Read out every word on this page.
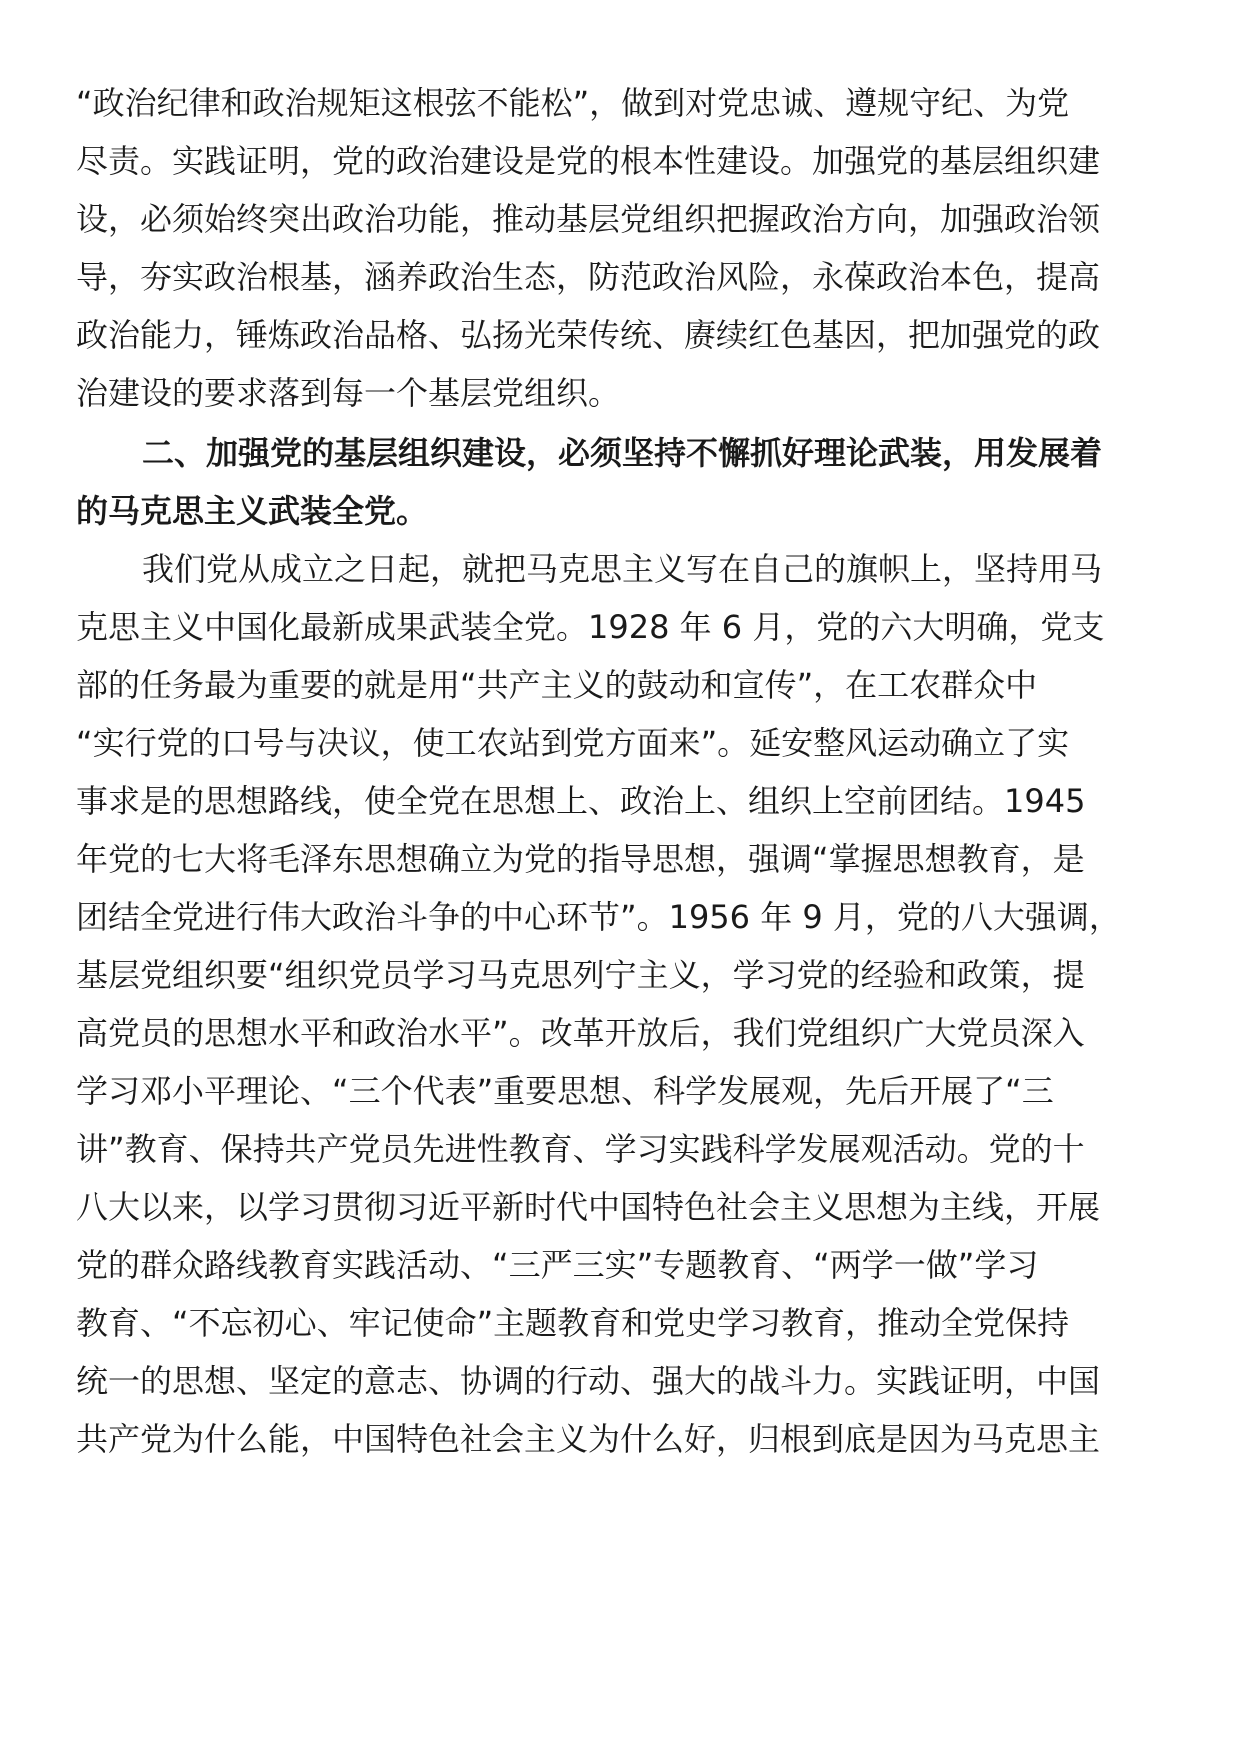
“政治纪律和政治规矩这根弦不能松”，做到对党忠诚、遵规守纪、为党
尽责。实践证明，党的政治建设是党的根本性建设。加强党的基层组织建
设，必须始终突出政治功能，推动基层党组织把握政治方向，加强政治领
导，夯实政治根基，涵养政治生态，防范政治风险，永葆政治本色，提高
政治能力，锤炼政治品格、弘扬光荣传统、赓续红色基因，把加强党的政
治建设的要求落到每一个基层党组织。
二、加强党的基层组织建设，必须坚持不懈抓好理论武装，用发展着
的马克思主义武装全党。
我们党从成立之日起，就把马克思主义写在自己的旗帜上，坚持用马
克思主义中国化最新成果武装全党。1928 年 6 月，党的六大明确，党支
部的任务最为重要的就是用“共产主义的鼓动和宣传”，在工农群众中
“实行党的口号与决议，使工农站到党方面来”。延安整风运动确立了实
事求是的思想路线，使全党在思想上、政治上、组织上空前团结。1945
年党的七大将毛泽东思想确立为党的指导思想，强调“掌握思想教育，是
团结全党进行伟大政治斗争的中心环节”。1956 年 9 月，党的八大强调，
基层党组织要“组织党员学习马克思列宁主义，学习党的经验和政策，提
高党员的思想水平和政治水平”。改革开放后，我们党组织广大党员深入
学习邓小平理论、“三个代表”重要思想、科学发展观，先后开展了“三
讲”教育、保持共产党员先进性教育、学习实践科学发展观活动。党的十
八大以来，以学习贯彻习近平新时代中国特色社会主义思想为主线，开展
党的群众路线教育实践活动、“三严三实”专题教育、“两学一做”学习
教育、“不忘初心、牢记使命”主题教育和党史学习教育，推动全党保持
统一的思想、坚定的意志、协调的行动、强大的战斗力。实践证明，中国
共产党为什么能，中国特色社会主义为什么好，归根到底是因为马克思主
